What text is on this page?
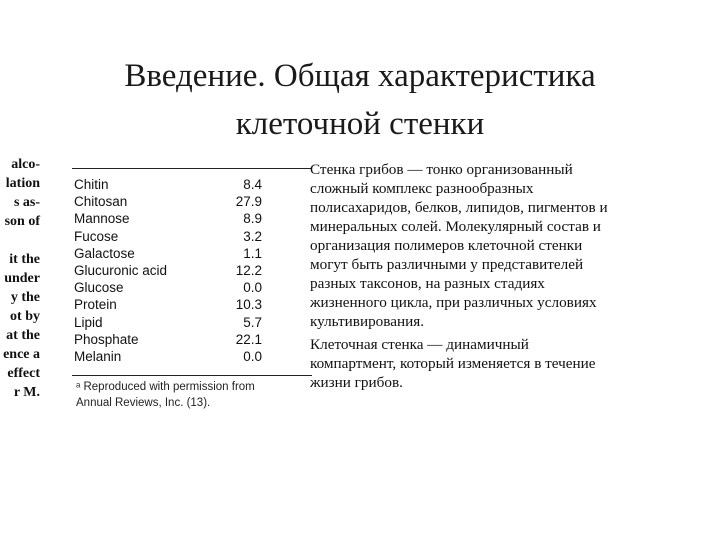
Введение. Общая характеристика
клеточной стенки
alco-
lation
s as-
son of
it the
under
y the
ot by
at the
ence a
effect
r M.
Chitin	8.4
Chitosan	27.9
Mannose	8.9
Fucose	3.2
Galactose	1.1
Glucuronic acid	12.2
Glucose	0.0
Protein	10.3
Lipid	5.7
Phosphate	22.1
Melanin	0.0
ᵃ Reproduced with permission from
Annual Reviews, Inc. (13).
Стенка грибов — тонко организованный
сложный комплекс разнообразных
полисахаридов, белков, липидов, пигментов и
минеральных солей. Молекулярный состав и
организация полимеров клеточной стенки
могут быть различными у представителей
разных таксонов, на разных стадиях
жизненного цикла, при различных условиях
культивирования.
Клеточная стенка — динамичный
компартмент, который изменяется в течение
жизни грибов.
